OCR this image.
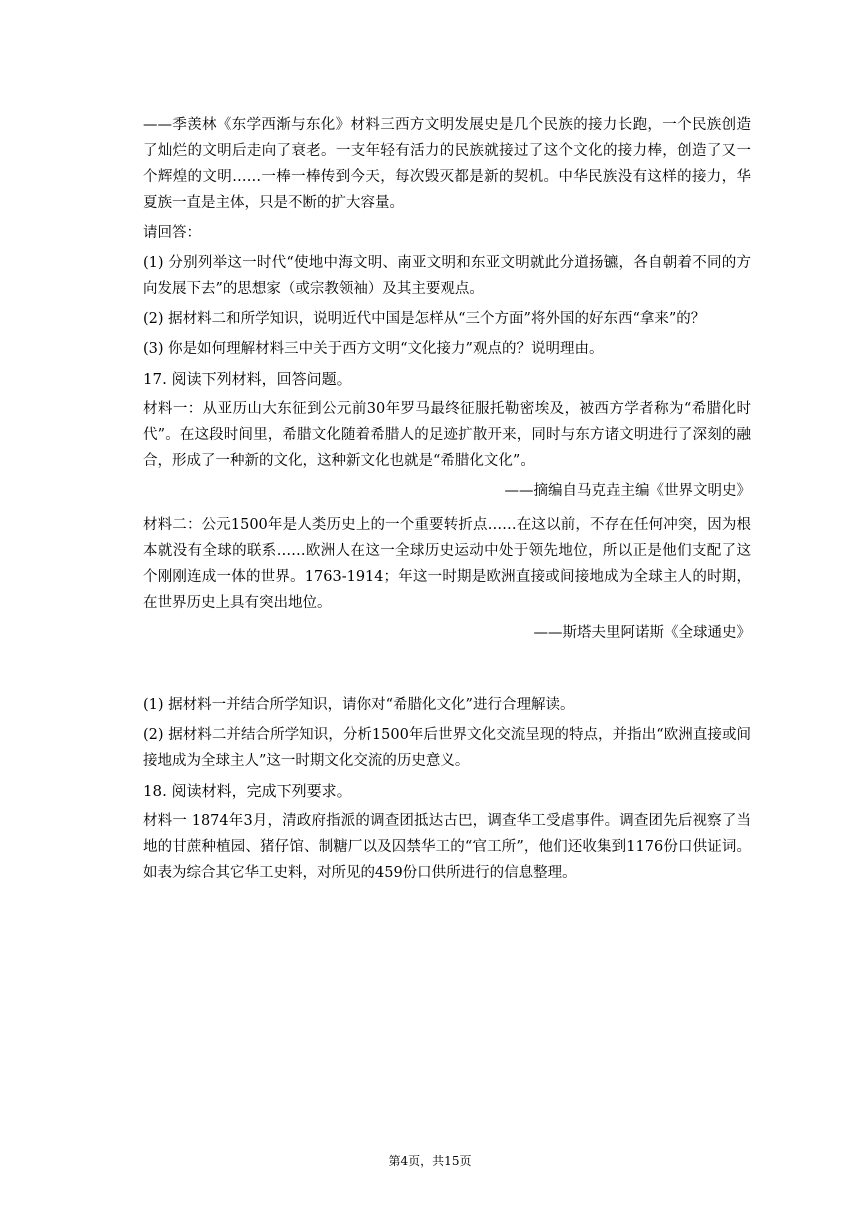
——季羡林《东学西渐与东化》材料三西方文明发展史是几个民族的接力长跑，一个民族创造了灿烂的文明后走向了衰老。一支年轻有活力的民族就接过了这个文化的接力棒，创造了又一个辉煌的文明……一棒一棒传到今天，每次毁灭都是新的契机。中华民族没有这样的接力，华夏族一直是主体，只是不断的扩大容量。

请回答：

(1) 分别列举这一时代“使地中海文明、南亚文明和东亚文明就此分道扬镳，各自朝着不同的方向发展下去”的思想家（或宗教领袖）及其主要观点。

(2) 据材料二和所学知识，说明近代中国是怎样从“三个方面”将外国的好东西“拿来”的？

(3) 你是如何理解材料三中关于西方文明“文化接力”观点的？说明理由。

17. 阅读下列材料，回答问题。

材料一：从亚历山大东征到公元前30年罗马最终征服托勒密埃及，被西方学者称为“希腊化时代”。在这段时间里，希腊文化随着希腊人的足迹扩散开来，同时与东方诸文明进行了深刻的融合，形成了一种新的文化，这种新文化也就是“希腊化文化”。

——摘编自马克垚主编《世界文明史》

材料二：公元1500年是人类历史上的一个重要转折点……在这以前，不存在任何冲突，因为根本就没有全球的联系……欧洲人在这一全球历史运动中处于领先地位，所以正是他们支配了这个刚刚连成一体的世界。1763-1914；年这一时期是欧洲直接或间接地成为全球主人的时期，在世界历史上具有突出地位。

——斯塔夫里阿诺斯《全球通史》

(1) 据材料一并结合所学知识，请你对“希腊化文化”进行合理解读。

(2) 据材料二并结合所学知识，分析1500年后世界文化交流呈现的特点，并指出“欧洲直接或间接地成为全球主人”这一时期文化交流的历史意义。

18. 阅读材料，完成下列要求。

材料一 1874年3月，清政府指派的调查团抵达古巴，调查华工受虐事件。调查团先后视察了当地的甘蔗种植园、猪仔馆、制糖厂以及囚禁华工的“官工所”，他们还收集到1176份口供证词。如表为综合其它华工史料，对所见的459份口供所进行的信息整理。

第4页，共15页
